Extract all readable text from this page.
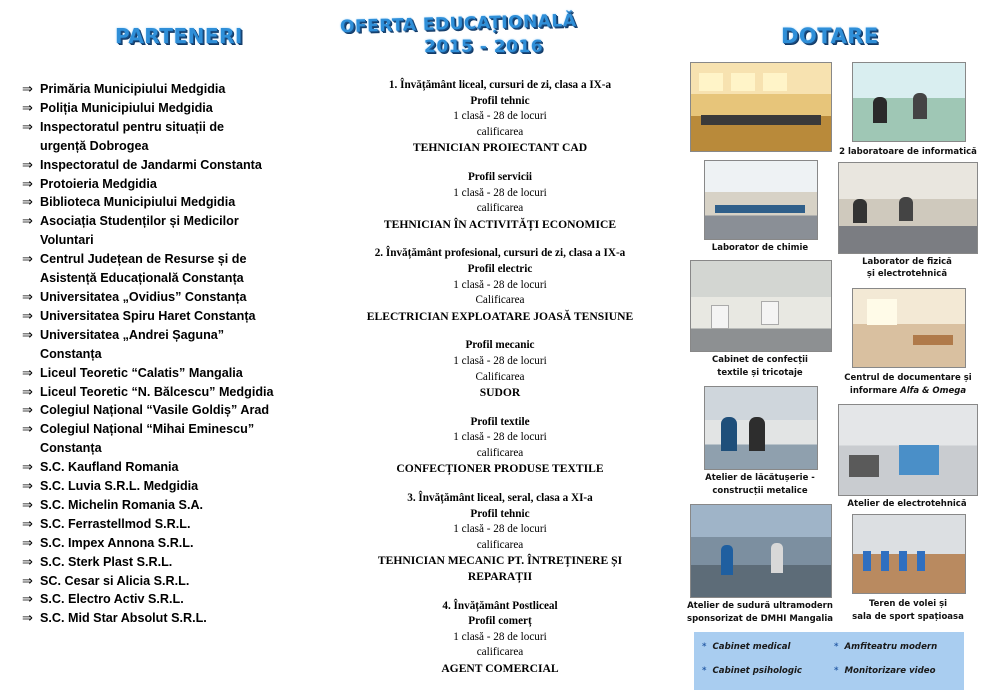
PARTENERI	OFERTA EDUCAȚIONALĂ
2015 - 2016	DOTARE
⇒ Primăria Municipiului Medgidia
⇒ Poliția Municipiului Medgidia
⇒ Inspectoratul pentru situații de
urgență Dobrogea
⇒ Inspectoratul de Jandarmi Constanta
⇒ Protoieria Medgidia
⇒ Biblioteca Municipiului Medgidia
⇒ Asociația Studenților și Medicilor
Voluntari
⇒ Centrul Județean de Resurse și de
Asistență Educațională Constanța
⇒ Universitatea „Ovidius” Constanța
⇒ Universitatea Spiru Haret Constanța
⇒ Universitatea „Andrei Șaguna”
Constanța
⇒ Liceul Teoretic “Calatis” Mangalia
⇒ Liceul Teoretic “N. Bălcescu” Medgidia
⇒ Colegiul Național “Vasile Goldiș” Arad
⇒ Colegiul Național “Mihai Eminescu”
Constanța
⇒ S.C. Kaufland Romania
⇒ S.C. Luvia S.R.L. Medgidia
⇒ S.C. Michelin Romania S.A.
⇒ S.C. Ferrastellmod S.R.L.
⇒ S.C. Impex Annona S.R.L.
⇒ S.C. Sterk Plast S.R.L.
⇒ SC. Cesar si Alicia S.R.L.
⇒ S.C. Electro Activ S.R.L.
⇒ S.C. Mid Star Absolut S.R.L.
1. Învățământ liceal, cursuri de zi, clasa a IX-a
Profil tehnic
1 clasă - 28 de locuri
calificarea
TEHNICIAN PROIECTANT CAD
Profil servicii
1 clasă - 28 de locuri
calificarea
TEHNICIAN ÎN ACTIVITĂȚI ECONOMICE
2. Învățământ profesional, cursuri de zi, clasa a IX-a
Profil electric
1 clasă - 28 de locuri
Calificarea
ELECTRICIAN EXPLOATARE JOASĂ TENSIUNE
Profil mecanic
1 clasă - 28 de locuri
Calificarea
SUDOR
Profil textile
1 clasă - 28 de locuri
calificarea
CONFECȚIONER PRODUSE TEXTILE
3. Învățământ liceal, seral, clasa a XI-a
Profil tehnic
1 clasă - 28 de locuri
calificarea
TEHNICIAN MECANIC PT. ÎNTREȚINERE ȘI
REPARAȚII
4. Învățământ Postliceal
Profil comerț
1 clasă - 28 de locuri
calificarea
AGENT COMERCIAL
2 laboratoare de informatică
Laborator de chimie
Laborator de fizică
și electrotehnică
Cabinet de confecții
textile și tricotaje	Centrul de documentare și
informare Alfa & Omega
Atelier de lăcătușerie -
construcții metalice
Atelier de electrotehnică
Atelier de sudură ultramodern
sponsorizat de DMHI Mangalia
Teren de volei și
sala de sport spațioasa
* Cabinet medical	* Amfiteatru modern
* Cabinet psihologic	* Monitorizare video
